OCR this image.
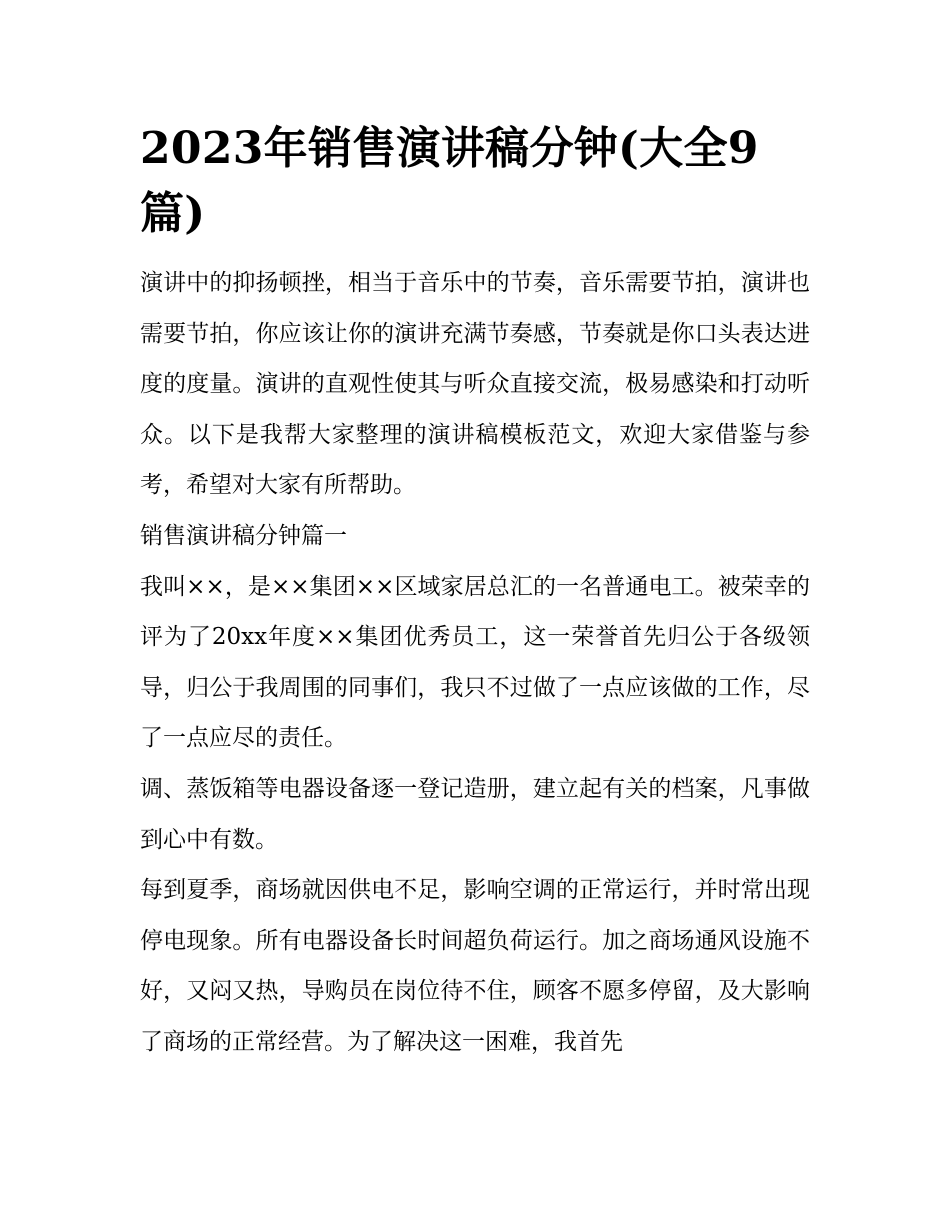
2023年销售演讲稿分钟(大全9篇)

演讲中的抑扬顿挫，相当于音乐中的节奏，音乐需要节拍，演讲也需要节拍，你应该让你的演讲充满节奏感，节奏就是你口头表达进度的度量。演讲的直观性使其与听众直接交流，极易感染和打动听众。以下是我帮大家整理的演讲稿模板范文，欢迎大家借鉴与参考，希望对大家有所帮助。

销售演讲稿分钟篇一

我叫××，是××集团××区域家居总汇的一名普通电工。被荣幸的评为了20xx年度××集团优秀员工，这一荣誉首先归公于各级领导，归公于我周围的同事们，我只不过做了一点应该做的工作，尽了一点应尽的责任。

调、蒸饭箱等电器设备逐一登记造册，建立起有关的档案，凡事做到心中有数。

每到夏季，商场就因供电不足，影响空调的正常运行，并时常出现停电现象。所有电器设备长时间超负荷运行。加之商场通风设施不好，又闷又热，导购员在岗位待不住，顾客不愿多停留，及大影响了商场的正常经营。为了解决这一困难，我首先
